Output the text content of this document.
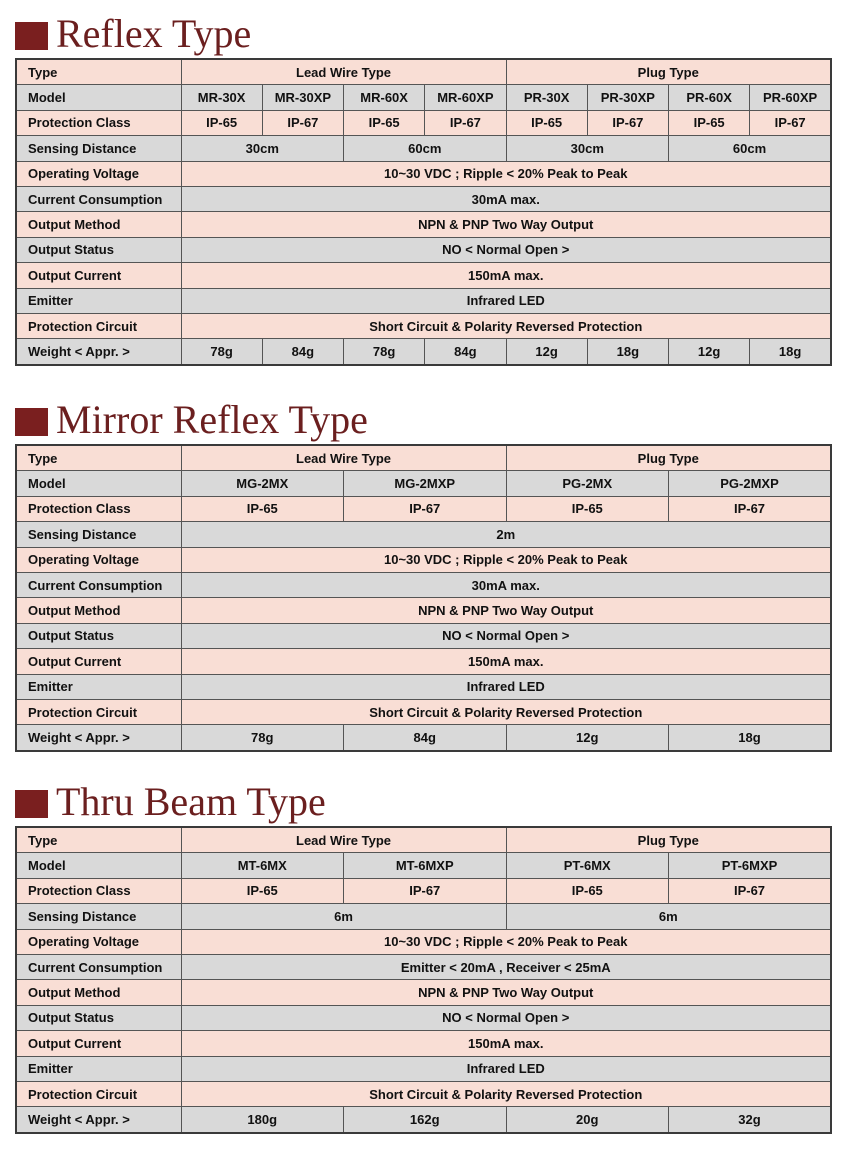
Reflex Type
Type	Lead Wire Type				Plug Type			
Model	MR-30X	MR-30XP	MR-60X	MR-60XP	PR-30X	PR-30XP	PR-60X	PR-60XP
Protection Class	IP-65	IP-67	IP-65	IP-67	IP-65	IP-67	IP-65	IP-67
Sensing Distance	30cm		60cm		30cm		60cm	
Operating Voltage	10~30 VDC ; Ripple < 20% Peak to Peak							
Current Consumption	30mA max.							
Output Method	NPN & PNP Two Way Output							
Output Status	NO < Normal Open >							
Output Current	150mA max.							
Emitter	Infrared LED							
Protection Circuit	Short Circuit & Polarity Reversed Protection							
Weight < Appr. >	78g	84g	78g	84g	12g	18g	12g	18g
Mirror Reflex Type
Type	Lead Wire Type		Plug Type	
Model	MG-2MX	MG-2MXP	PG-2MX	PG-2MXP
Protection Class	IP-65	IP-67	IP-65	IP-67
Sensing Distance	2m			
Operating Voltage	10~30 VDC ; Ripple < 20% Peak to Peak			
Current Consumption	30mA max.			
Output Method	NPN & PNP Two Way Output			
Output Status	NO < Normal Open >			
Output Current	150mA max.			
Emitter	Infrared LED			
Protection Circuit	Short Circuit & Polarity Reversed Protection			
Weight < Appr. >	78g	84g	12g	18g
Thru Beam Type
Type	Lead Wire Type		Plug Type	
Model	MT-6MX	MT-6MXP	PT-6MX	PT-6MXP
Protection Class	IP-65	IP-67	IP-65	IP-67
Sensing Distance	6m		6m	
Operating Voltage	10~30 VDC ; Ripple < 20% Peak to Peak			
Current Consumption	Emitter < 20mA , Receiver < 25mA			
Output Method	NPN & PNP Two Way Output			
Output Status	NO < Normal Open >			
Output Current	150mA max.			
Emitter	Infrared LED			
Protection Circuit	Short Circuit & Polarity Reversed Protection			
Weight < Appr. >	180g	162g	20g	32g
